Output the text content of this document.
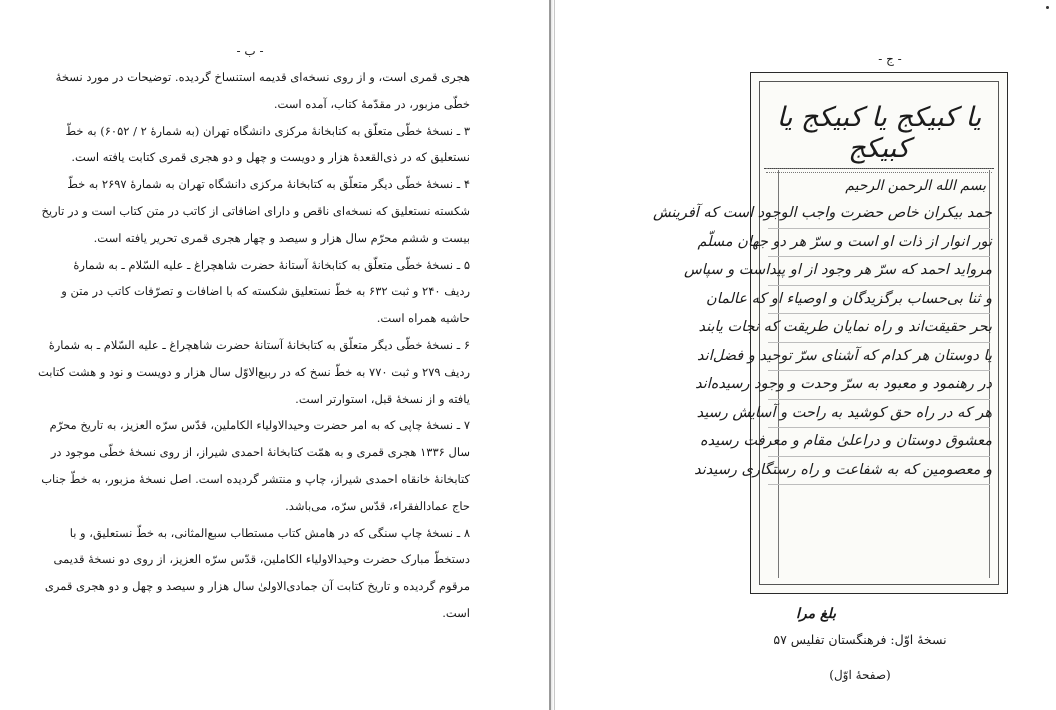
- ب -

هجری قمری است، و از روی نسخه‌ای قدیمه استنساخ گردیده. توضیحات در مورد نسخهٔ
خطّی مزبور، در مقدّمهٔ کتاب، آمده است.

۳ ـ نسخهٔ خطّی متعلّق به کتابخانهٔ مرکزی دانشگاه تهران (به شمارهٔ ۲ / ۶۰۵۲) به خطّ
نستعلیق که در ذی‌القعدهٔ هزار و دویست و چهل و دو هجری قمری کتابت یافته است.

۴ ـ نسخهٔ خطّی دیگر متعلّق به کتابخانهٔ مرکزی دانشگاه تهران به شمارهٔ ۲۶۹۷ به خطّ
شکسته نستعلیق که نسخه‌ای ناقص و دارای اضافاتی از کاتب در متن کتاب است و در تاریخ
بیست و ششم محرّم سال هزار و سیصد و چهار هجری قمری تحریر یافته است.

۵ ـ نسخهٔ خطّی متعلّق به کتابخانهٔ آستانهٔ حضرت شاهچراغ ـ علیه السّلام ـ به شمارهٔ
ردیف ۲۴۰ و ثبت ۶۳۲ به خطّ نستعلیق شکسته که با اضافات و تصرّفات کاتب در متن و
حاشیه همراه است.

۶ ـ نسخهٔ خطّی دیگر متعلّق به کتابخانهٔ آستانهٔ حضرت شاهچراغ ـ علیه السّلام ـ به شمارهٔ
ردیف ۲۷۹ و ثبت ۷۷۰ به خطّ نسخ که در ربیع‌الاوّل سال هزار و دویست و نود و هشت کتابت
یافته و از نسخهٔ قبل، استوارتر است.

۷ ـ نسخهٔ چاپی که به امر حضرت وحیدالاولیاء الکاملین، قدّس سرّه العزیز، به تاریخ محرّم
سال ۱۳۳۶ هجری قمری و به همّت کتابخانهٔ احمدی شیراز، از روی نسخهٔ خطّی موجود در
کتابخانهٔ خانقاه احمدی شیراز، چاپ و منتشر گردیده است. اصل نسخهٔ مزبور، به خطّ جناب
حاج عمادالفقراء، قدّس سرّه، می‌باشد.

۸ ـ نسخهٔ چاپ سنگی که در هامش کتاب مستطاب سبع‌المثانی، به خطّ نستعلیق، و با
دستخطّ مبارک حضرت وحیدالاولیاء الکاملین، قدّس سرّه العزیز، از روی دو نسخهٔ قدیمی
مرقوم گردیده و تاریخ کتابت آن جمادی‌الاولیٰ سال هزار و سیصد و چهل و دو هجری قمری
است.

- ج -
یا کبیکج یا کبیکج یا کبیکج
بسم الله الرحمن الرحیم
حمد بیکران خاص حضرت واجب الوجود است که آفرینش
نور انوار از ذات او است و سرّ هر دو جهان مسلّم
مرواید احمد که سرّ هر وجود از او پیداست و سپاس
و ثنا بی‌حساب برگزیدگان و اوصیاء او که عالمان
بحر حقیقت‌اند و راه نمایان طریقت که نجات یابند
یا دوستان هر کدام که آشنای سرّ توحید و فضل‌اند
در رهنمود و معبود به سرّ وحدت و وجود رسیده‌اند
هر که در راه حق کوشید به راحت و آسایش رسید
معشوق دوستان و دراعلیٰ مقام و معرفت رسیده
و معصومین که به شفاعت و راه رستگاری رسیدند
بلغ مرا
نسخهٔ اوّل: فرهنگستان تفلیس ۵۷
(صفحهٔ اوّل)
